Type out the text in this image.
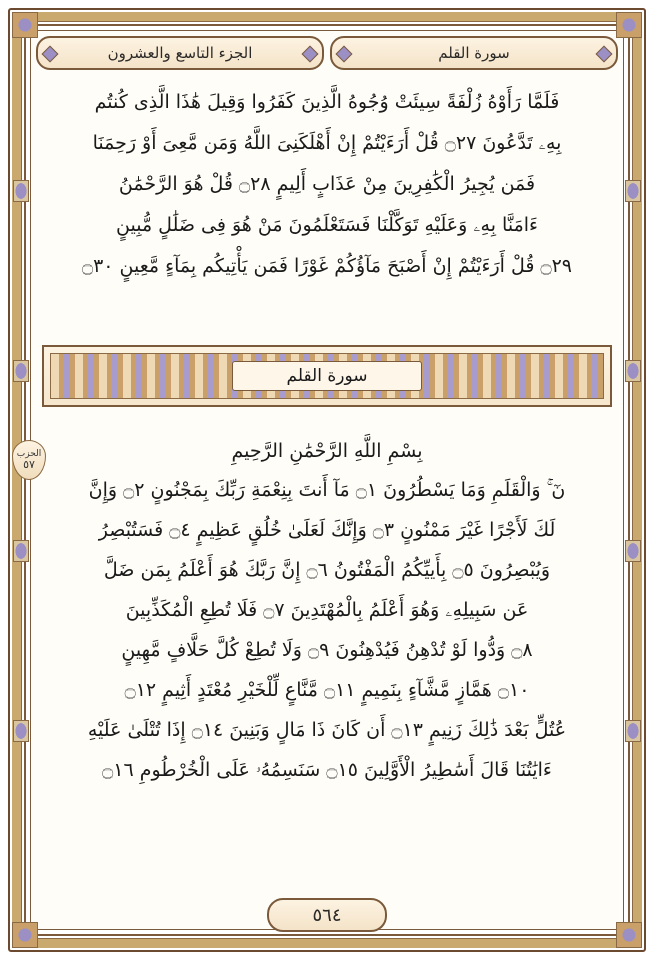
الجزء التاسع والعشرون	سورة القلم
الحزب
٥٧
فَلَمَّا رَأَوْهُ زُلْفَةً سِيئَتْ وُجُوهُ الَّذِينَ كَفَرُوا وَقِيلَ هَٰذَا الَّذِى كُنتُم
بِهِۦ تَدَّعُونَ ۝٢٧ قُلْ أَرَءَيْتُمْ إِنْ أَهْلَكَنِىَ اللَّهُ وَمَن مَّعِىَ أَوْ رَحِمَنَا
فَمَن يُجِيرُ الْكَٰفِرِينَ مِنْ عَذَابٍ أَلِيمٍ ۝٢٨ قُلْ هُوَ الرَّحْمَٰنُ
ءَامَنَّا بِهِۦ وَعَلَيْهِ تَوَكَّلْنَا فَسَتَعْلَمُونَ مَنْ هُوَ فِى ضَلَٰلٍ مُّبِينٍ
۝٢٩ قُلْ أَرَءَيْتُمْ إِنْ أَصْبَحَ مَآؤُكُمْ غَوْرًا فَمَن يَأْتِيكُم بِمَآءٍ مَّعِينٍ ۝٣٠
سورة القلم
بِسْمِ اللَّهِ الرَّحْمَٰنِ الرَّحِيمِ
نٓ ۚ وَالْقَلَمِ وَمَا يَسْطُرُونَ ۝١ مَآ أَنتَ بِنِعْمَةِ رَبِّكَ بِمَجْنُونٍ ۝٢ وَإِنَّ
لَكَ لَأَجْرًا غَيْرَ مَمْنُونٍ ۝٣ وَإِنَّكَ لَعَلَىٰ خُلُقٍ عَظِيمٍ ۝٤ فَسَتُبْصِرُ
وَيُبْصِرُونَ ۝٥ بِأَييِّكُمُ الْمَفْتُونُ ۝٦ إِنَّ رَبَّكَ هُوَ أَعْلَمُ بِمَن ضَلَّ
عَن سَبِيلِهِۦ وَهُوَ أَعْلَمُ بِالْمُهْتَدِينَ ۝٧ فَلَا تُطِعِ الْمُكَذِّبِينَ
۝٨ وَدُّوا لَوْ تُدْهِنُ فَيُدْهِنُونَ ۝٩ وَلَا تُطِعْ كُلَّ حَلَّافٍ مَّهِينٍ
۝١٠ هَمَّازٍ مَّشَّآءٍ بِنَمِيمٍ ۝١١ مَّنَّاعٍ لِّلْخَيْرِ مُعْتَدٍ أَثِيمٍ ۝١٢
عُتُلٍّ بَعْدَ ذَٰلِكَ زَنِيمٍ ۝١٣ أَن كَانَ ذَا مَالٍ وَبَنِينَ ۝١٤ إِذَا تُتْلَىٰ عَلَيْهِ
ءَايَٰتُنَا قَالَ أَسَٰطِيرُ الْأَوَّلِينَ ۝١٥ سَنَسِمُهُۥ عَلَى الْخُرْطُومِ ۝١٦
٥٦٤
